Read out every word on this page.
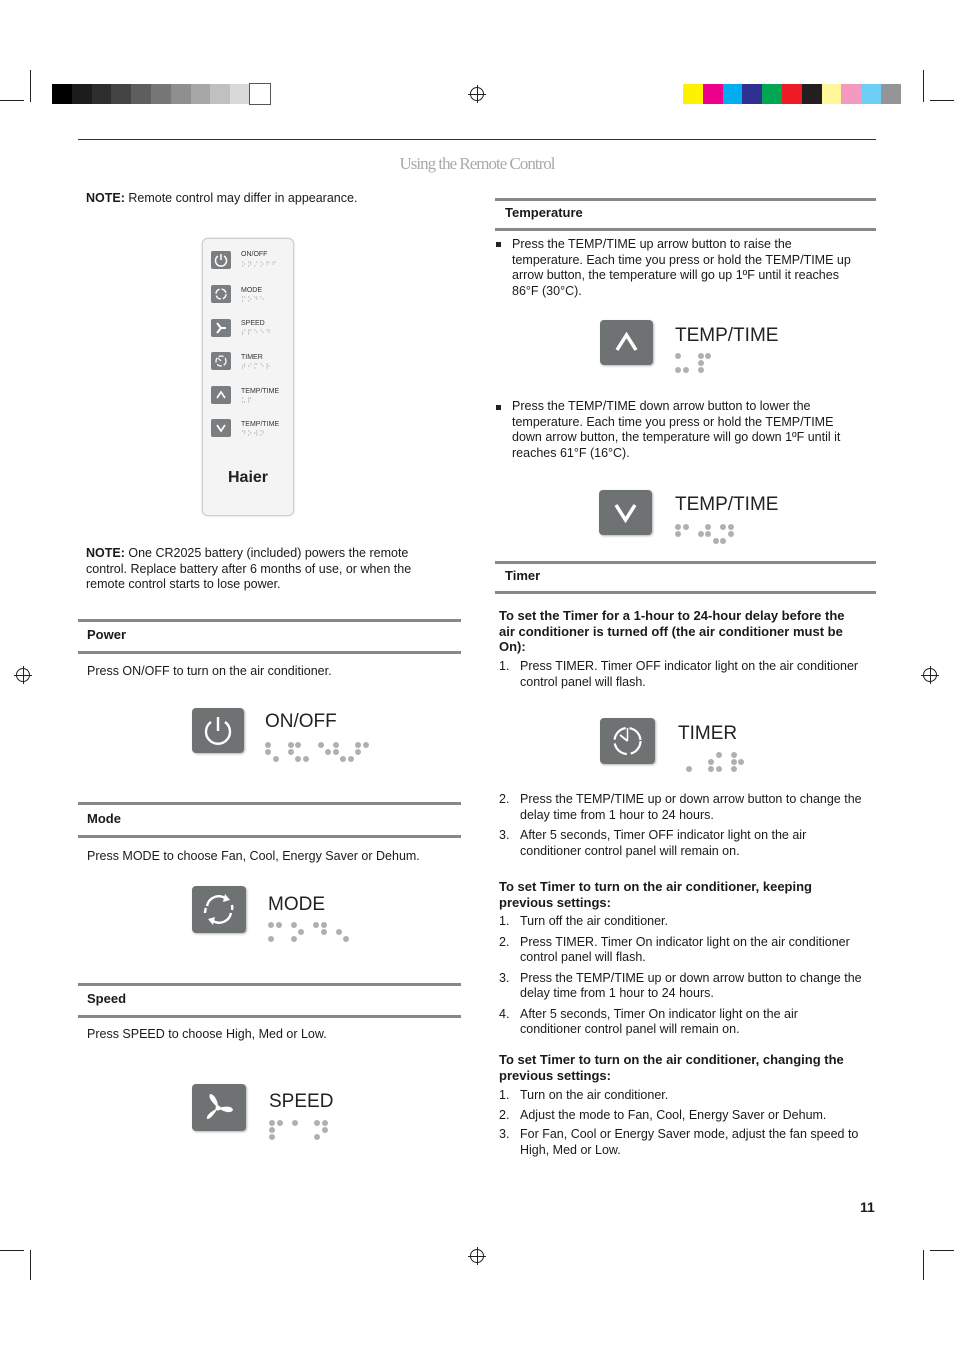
Using the Remote Control
NOTE: Remote control may differ in appearance.
ON/OFF
⠕⠝⠌⠕⠋⠋
MODE
⠍⠕⠙⠑
SPEED
⠎⠏⠑⠑⠙
TIMER
⠞⠊⠍⠑⠗
TEMP/TIME
⠥⠏
TEMP/TIME
⠙⠕⠺⠝
Haier
NOTE: One CR2025 battery (included) powers the remote
control. Replace battery after 6 months of use, or when the
remote control starts to lose power.
Power
Press ON/OFF to turn on the air conditioner.
ON/OFF
Mode
Press MODE to choose Fan, Cool, Energy Saver or Dehum.
MODE
Speed
Press SPEED to choose High, Med or Low.
SPEED
Temperature
Press the TEMP/TIME up arrow button to raise the
temperature. Each time you press or hold the TEMP/TIME up
arrow button, the temperature will go up 1ºF until it reaches
86°F (30°C).
TEMP/TIME
Press the TEMP/TIME down arrow button to lower the
temperature. Each time you press or hold the TEMP/TIME
down arrow button, the temperature will go down 1ºF until it
reaches 61°F (16°C).
TEMP/TIME
Timer
To set the Timer for a 1-hour to 24-hour delay before the
air conditioner is turned off (the air conditioner must be
On):
1. Press TIMER. Timer OFF indicator light on the air conditioner
control panel will flash.
TIMER
2. Press the TEMP/TIME up or down arrow button to change the
delay time from 1 hour to 24 hours.
3. After 5 seconds, Timer OFF indicator light on the air
conditioner control panel will remain on.
To set Timer to turn on the air conditioner, keeping
previous settings:
1. Turn off the air conditioner.
2. Press TIMER. Timer On indicator light on the air conditioner
control panel will flash.
3. Press the TEMP/TIME up or down arrow button to change the
delay time from 1 hour to 24 hours.
4. After 5 seconds, Timer On indicator light on the air
conditioner control panel will remain on.
To set Timer to turn on the air conditioner, changing the
previous settings:
1. Turn on the air conditioner.
2. Adjust the mode to Fan, Cool, Energy Saver or Dehum.
3. For Fan, Cool or Energy Saver mode, adjust the fan speed to
High, Med or Low.
11
